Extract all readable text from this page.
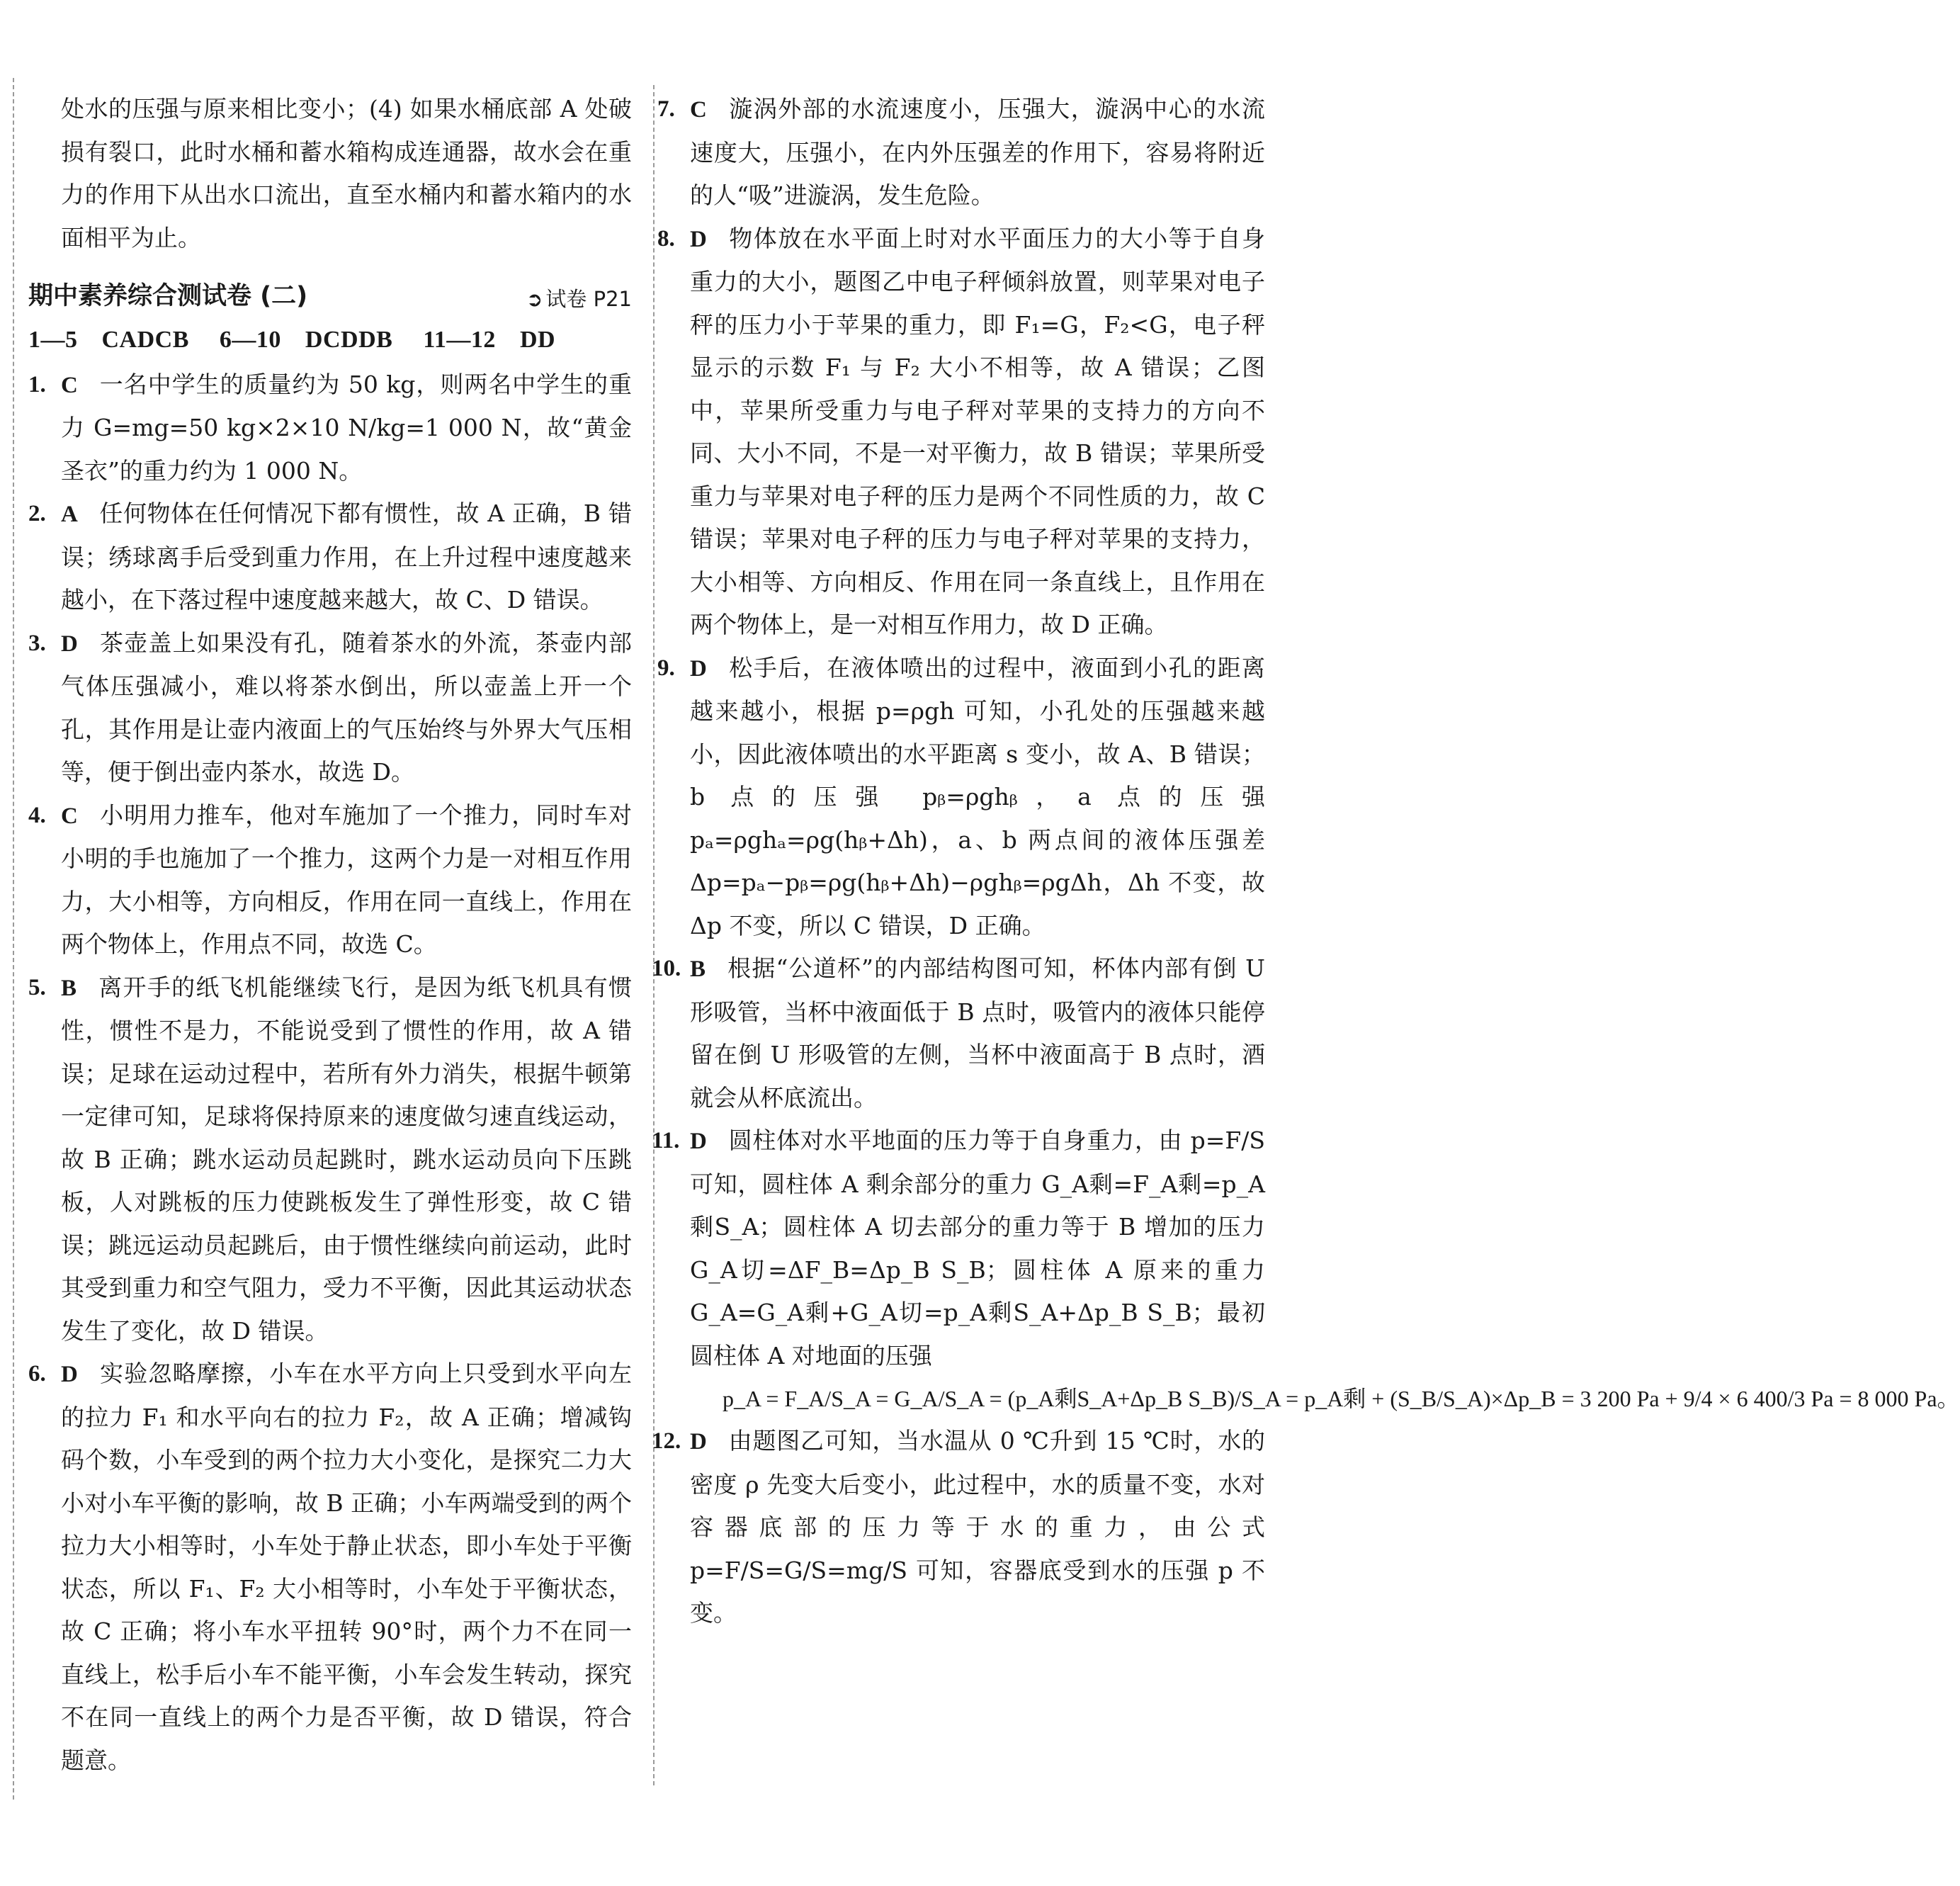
处水的压强与原来相比变小；(4) 如果水桶底部 A 处破损有裂口，此时水桶和蓄水箱构成连通器，故水会在重力的作用下从出水口流出，直至水桶内和蓄水箱内的水面相平为止。

期中素养综合测试卷 (二)	➲ 试卷 P21
1—5 CADCB 6—10 DCDDB 11—12 DD
1. C 一名中学生的质量约为 50 kg，则两名中学生的重力 G=mg=50 kg×2×10 N/kg=1 000 N，故“黄金圣衣”的重力约为 1 000 N。
2. A 任何物体在任何情况下都有惯性，故 A 正确，B 错误；绣球离手后受到重力作用，在上升过程中速度越来越小，在下落过程中速度越来越大，故 C、D 错误。
3. D 茶壶盖上如果没有孔，随着茶水的外流，茶壶内部气体压强减小，难以将茶水倒出，所以壶盖上开一个孔，其作用是让壶内液面上的气压始终与外界大气压相等，便于倒出壶内茶水，故选 D。
4. C 小明用力推车，他对车施加了一个推力，同时车对小明的手也施加了一个推力，这两个力是一对相互作用力，大小相等，方向相反，作用在同一直线上，作用在两个物体上，作用点不同，故选 C。
5. B 离开手的纸飞机能继续飞行，是因为纸飞机具有惯性，惯性不是力，不能说受到了惯性的作用，故 A 错误；足球在运动过程中，若所有外力消失，根据牛顿第一定律可知，足球将保持原来的速度做匀速直线运动，故 B 正确；跳水运动员起跳时，跳水运动员向下压跳板，人对跳板的压力使跳板发生了弹性形变，故 C 错误；跳远运动员起跳后，由于惯性继续向前运动，此时其受到重力和空气阻力，受力不平衡，因此其运动状态发生了变化，故 D 错误。
6. D 实验忽略摩擦，小车在水平方向上只受到水平向左的拉力 F₁ 和水平向右的拉力 F₂，故 A 正确；增减钩码个数，小车受到的两个拉力大小变化，是探究二力大小对小车平衡的影响，故 B 正确；小车两端受到的两个拉力大小相等时，小车处于静止状态，即小车处于平衡状态，所以 F₁、F₂ 大小相等时，小车处于平衡状态，故 C 正确；将小车水平扭转 90°时，两个力不在同一直线上，松手后小车不能平衡，小车会发生转动，探究不在同一直线上的两个力是否平衡，故 D 错误，符合题意。
7. C 漩涡外部的水流速度小，压强大，漩涡中心的水流速度大，压强小，在内外压强差的作用下，容易将附近的人“吸”进漩涡，发生危险。
8. D 物体放在水平面上时对水平面压力的大小等于自身重力的大小，题图乙中电子秤倾斜放置，则苹果对电子秤的压力小于苹果的重力，即 F₁=G，F₂<G，电子秤显示的示数 F₁ 与 F₂ 大小不相等，故 A 错误；乙图中，苹果所受重力与电子秤对苹果的支持力的方向不同、大小不同，不是一对平衡力，故 B 错误；苹果所受重力与苹果对电子秤的压力是两个不同性质的力，故 C 错误；苹果对电子秤的压力与电子秤对苹果的支持力，大小相等、方向相反、作用在同一条直线上，且作用在两个物体上，是一对相互作用力，故 D 正确。
9. D 松手后，在液体喷出的过程中，液面到小孔的距离越来越小，根据 p=ρgh 可知，小孔处的压强越来越小，因此液体喷出的水平距离 s 变小，故 A、B 错误；b 点的压强 pᵦ=ρghᵦ，a 点的压强 pₐ=ρghₐ=ρg(hᵦ+Δh)，a、b 两点间的液体压强差 Δp=pₐ−pᵦ=ρg(hᵦ+Δh)−ρghᵦ=ρgΔh，Δh 不变，故 Δp 不变，所以 C 错误，D 正确。
10. B 根据“公道杯”的内部结构图可知，杯体内部有倒 U 形吸管，当杯中液面低于 B 点时，吸管内的液体只能停留在倒 U 形吸管的左侧，当杯中液面高于 B 点时，酒就会从杯底流出。
11. D 圆柱体对水平地面的压力等于自身重力，由 p=F/S 可知，圆柱体 A 剩余部分的重力 G_A剩=F_A剩=p_A剩S_A；圆柱体 A 切去部分的重力等于 B 增加的压力 G_A切=ΔF_B=Δp_B S_B；圆柱体 A 原来的重力 G_A=G_A剩+G_A切=p_A剩S_A+Δp_B S_B；最初圆柱体 A 对地面的压强
p_A = F_A/S_A = G_A/S_A = (p_A剩S_A+Δp_B S_B)/S_A = p_A剩 + (S_B/S_A)×Δp_B = 3 200 Pa + 9/4 × 6 400/3 Pa = 8 000 Pa。
12. D 由题图乙可知，当水温从 0 ℃升到 15 ℃时，水的密度 ρ 先变大后变小，此过程中，水的质量不变，水对容器底部的压力等于水的重力，由公式 p=F/S=G/S=mg/S 可知，容器底受到水的压强 p 不变。
